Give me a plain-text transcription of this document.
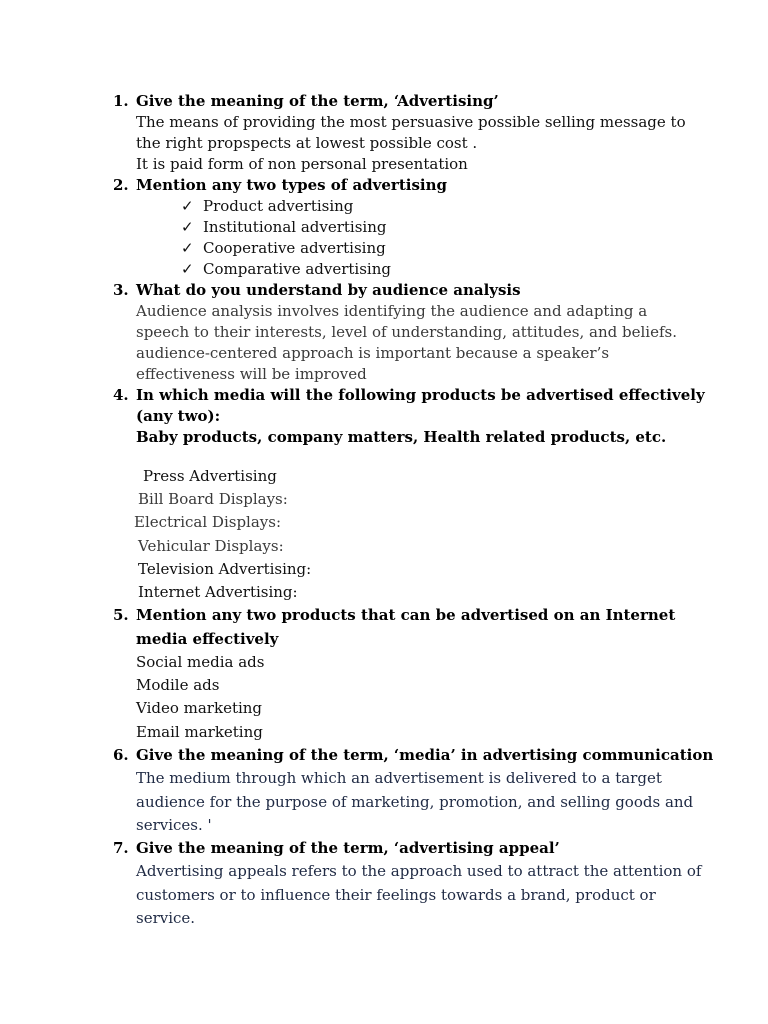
1. Give the meaning of the term, ‘Advertising’
The means of providing the most persuasive possible selling message to
the right propspects at lowest possible cost .
It is paid form of non personal presentation
2. Mention any two types of advertising
✓ Product advertising
✓ Institutional advertising
✓ Cooperative advertising
✓ Comparative advertising
3. What do you understand by audience analysis
Audience analysis involves identifying the audience and adapting a
speech to their interests, level of understanding, attitudes, and beliefs.
audience-centered approach is important because a speaker’s
effectiveness will be improved
4. In which media will the following products be advertised effectively
(any two):
Baby products, company matters, Health related products, etc.
Press Advertising
Bill Board Displays:
Electrical Displays:
Vehicular Displays:
Television Advertising:
Internet Advertising:
5. Mention any two products that can be advertised on an Internet
media effectively
Social media ads
Modile ads
Video marketing
Email marketing
6. Give the meaning of the term, ‘media’ in advertising communication
The medium through which an advertisement is delivered to a target
audience for the purpose of marketing, promotion, and selling goods and
services. '
7. Give the meaning of the term, ‘advertising appeal’
Advertising appeals refers to the approach used to attract the attention of
customers or to influence their feelings towards a brand, product or
service.
